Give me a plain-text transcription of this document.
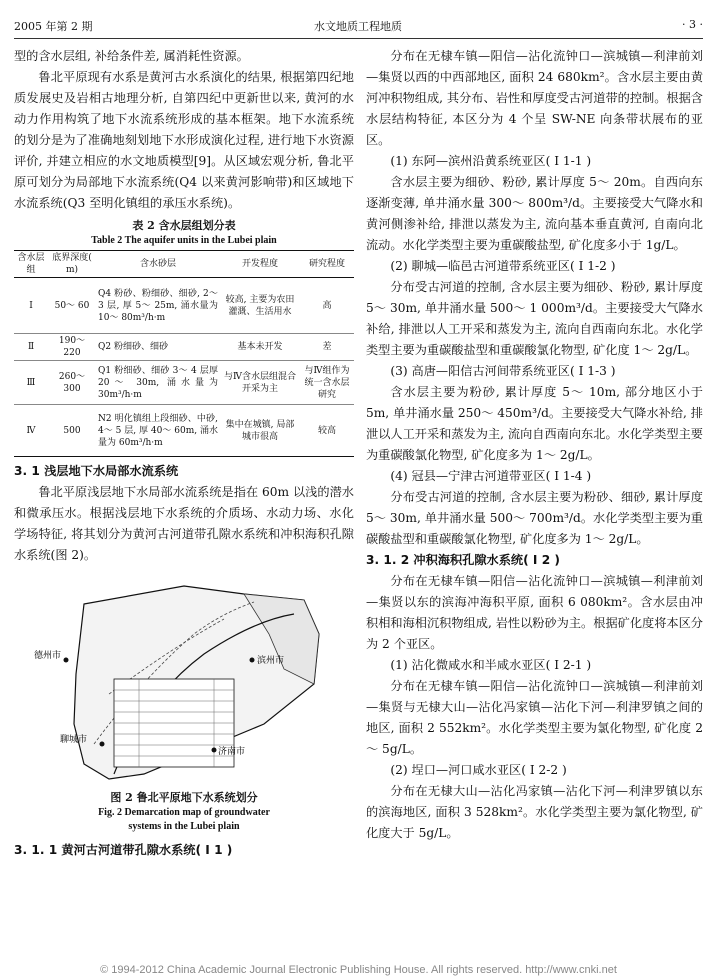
2005 年第 2 期	水文地质工程地质	· 3 ·

型的含水层组, 补给条件差, 属消耗性资源。

鲁北平原现有水系是黄河古水系演化的结果, 根据第四纪地质发展史及岩相古地理分析, 自第四纪中更新世以来, 黄河的水动力作用构筑了地下水流系统形成的基本框架。地下水流系统的划分是为了准确地刻划地下水形成演化过程, 进行地下水资源评价, 并建立相应的水文地质模型[9]。从区域宏观分析, 鲁北平原可划分为局部地下水流系统(Q4 以来黄河影响带)和区域地下水流系统(Q3 至明化镇组的承压水系统)。

表 2 含水层组划分表

Table 2 The aquifer units in the Lubei plain

含水层组	底界深度( m)	含水砂层	开发程度	研究程度
Ⅰ	50～ 60	Q4 粉砂、粉细砂、细砂, 2～ 3 层, 厚 5～ 25m, 涌水量为 10～ 80m³/h·m	较高, 主要为农田灌溉、生活用水	高
Ⅱ	190～ 220	Q2 粉细砂、细砂	基本未开发	差
Ⅲ	260～ 300	Q1 粉细砂、细砂 3～ 4 层厚 20～ 30m, 涌水量为 30m³/h·m	与Ⅳ含水层组混合开采为主	与Ⅳ组作为统一含水层研究
Ⅳ	500	N2 明化镇组上段细砂、中砂, 4～ 5 层, 厚 40～ 60m, 涌水量为 60m³/h·m	集中在城镇, 局部城市很高	较高

3. 1 浅层地下水局部水流系统

鲁北平原浅层地下水局部水流系统是指在 60m 以浅的潜水和微承压水。根据浅层地下水系统的介质场、水动力场、水化学场特征, 将其划分为黄河古河道带孔隙水系统和冲积海积孔隙水系统(图 2)。

德州市	滨州市
济南市
聊城市

图 2 鲁北平原地下水系统划分

Fig. 2 Demarcation map of groundwater

systems in the Lubei plain

3. 1. 1 黄河古河道带孔隙水系统( Ⅰ 1 )

分布在无棣车镇—阳信—沾化流钟口—滨城镇—利津前刘—集贤以西的中西部地区, 面积 24 680km²。含水层主要由黄河冲积物组成, 其分布、岩性和厚度受古河道带的控制。根据含水层结构特征, 本区分为 4 个呈 SW-NE 向条带状展布的亚区。

(1) 东阿—滨州沿黄系统亚区( Ⅰ 1-1 )

含水层主要为细砂、粉砂, 累计厚度 5～ 20m。自西向东逐渐变薄, 单井涌水量 300～ 800m³/d。主要接受大气降水和黄河侧渗补给, 排泄以蒸发为主, 流向基本垂直黄河, 自南向北流动。水化学类型主要为重碳酸盐型, 矿化度多小于 1g/L。

(2) 聊城—临邑古河道带系统亚区( Ⅰ 1-2 )

分布受古河道的控制, 含水层主要为细砂、粉砂, 累计厚度 5～ 30m, 单井涌水量 500～ 1 000m³/d。主要接受大气降水补给, 排泄以人工开采和蒸发为主, 流向自西南向东北。水化学类型主要为重碳酸盐型和重碳酸氯化物型, 矿化度 1～ 2g/L。

(3) 高唐—阳信古河间带系统亚区( Ⅰ 1-3 )

含水层主要为粉砂, 累计厚度 5～ 10m, 部分地区小于 5m, 单井涌水量 250～ 450m³/d。主要接受大气降水补给, 排泄以人工开采和蒸发为主, 流向自西南向东北。水化学类型主要为重碳酸氯化物型, 矿化度多为 1～ 2g/L。

(4) 冠县—宁津古河道带亚区( Ⅰ 1-4 )

分布受古河道的控制, 含水层主要为粉砂、细砂, 累计厚度 5～ 30m, 单井涌水量 500～ 700m³/d。水化学类型主要为重碳酸盐型和重碳酸氯化物型, 矿化度多为 1～ 2g/L。

3. 1. 2 冲积海积孔隙水系统( Ⅰ 2 )

分布在无棣车镇—阳信—沾化流钟口—滨城镇—利津前刘—集贤以东的滨海冲海积平原, 面积 6 080km²。含水层由冲积相和海相沉积物组成, 岩性以粉砂为主。根据矿化度将本区分为 2 个亚区。

(1) 沾化微咸水和半咸水亚区( Ⅰ 2-1 )

分布在无棣车镇—阳信—沾化流钟口—滨城镇—利津前刘—集贤与无棣大山—沾化冯家镇—沾化下河—利津罗镇之间的地区, 面积 2 552km²。水化学类型主要为氯化物型, 矿化度 2～ 5g/L。

(2) 埕口—河口咸水亚区( Ⅰ 2-2 )

分布在无棣大山—沾化冯家镇—沾化下河—利津罗镇以东的滨海地区, 面积 3 528km²。水化学类型主要为氯化物型, 矿化度大于 5g/L。

© 1994-2012 China Academic Journal Electronic Publishing House. All rights reserved. http://www.cnki.net
